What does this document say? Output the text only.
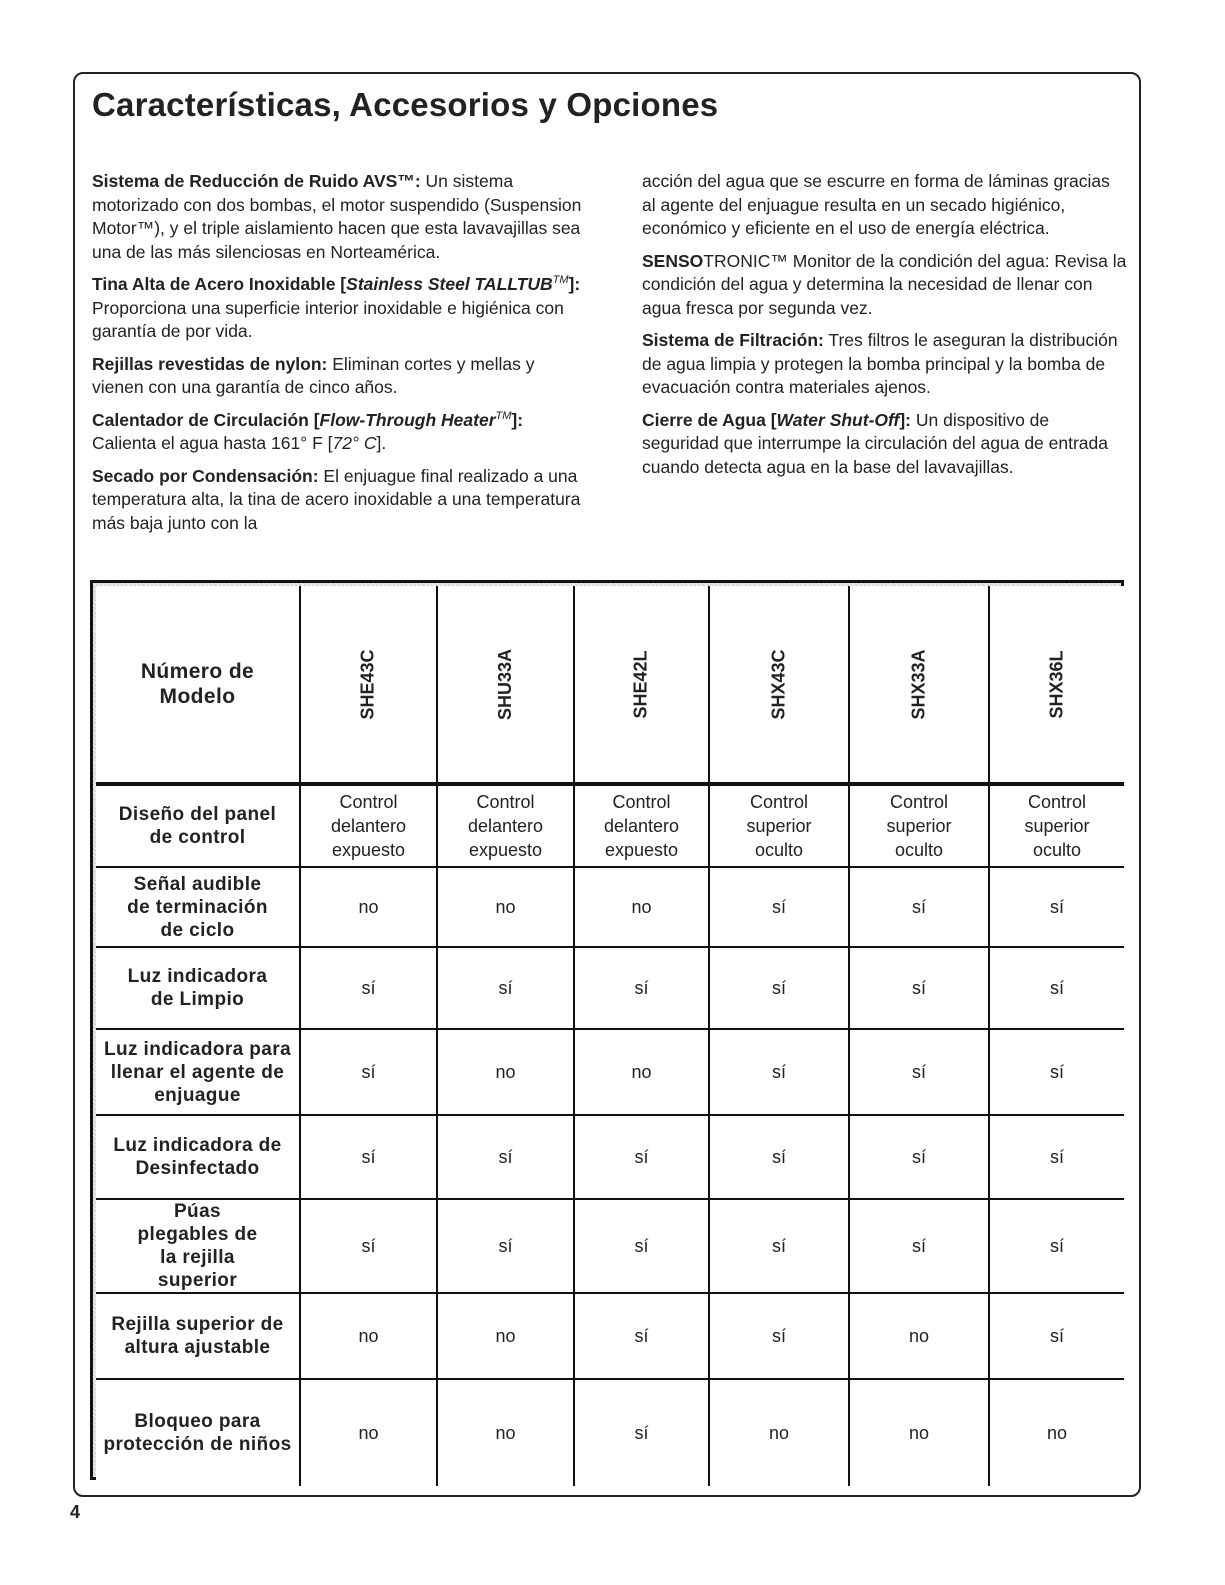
Características, Accesorios y Opciones

Sistema de Reducción de Ruido AVS™: Un sistema motorizado con dos bombas, el motor suspendido (Suspension Motor™), y el triple aislamiento hacen que esta lavavajillas sea una de las más silenciosas en Norteamérica.

Tina Alta de Acero Inoxidable [Stainless Steel TALLTUB™]: Proporciona una superficie interior inoxidable e higiénica con garantía de por vida.

Rejillas revestidas de nylon: Eliminan cortes y mellas y vienen con una garantía de cinco años.

Calentador de Circulación [Flow-Through Heater™]: Calienta el agua hasta 161° F [72° C].

Secado por Condensación: El enjuague final realizado a una temperatura alta, la tina de acero inoxidable a una temperatura más baja junto con la

acción del agua que se escurre en forma de láminas gracias al agente del enjuague resulta en un secado higiénico, económico y eficiente en el uso de energía eléctrica.

SENSOTRONIC™ Monitor de la condición del agua: Revisa la condición del agua y determina la necesidad de llenar con agua fresca por segunda vez.

Sistema de Filtración: Tres filtros le aseguran la distribución de agua limpia y protegen la bomba principal y la bomba de evacuación contra materiales ajenos.

Cierre de Agua [Water Shut-Off]: Un dispositivo de seguridad que interrumpe la circulación del agua de entrada cuando detecta agua en la base del lavavajillas.

Número de Modelo	SHE43C	SHU33A	SHE42L	SHX43C	SHX33A	SHX36L
Diseño del panel de control	Control delantero expuesto	Control delantero expuesto	Control delantero expuesto	Control superior oculto	Control superior oculto	Control superior oculto
Señal audible de terminación de ciclo	no	no	no	sí	sí	sí
Luz indicadora de Limpio	sí	sí	sí	sí	sí	sí
Luz indicadora para llenar el agente de enjuague	sí	no	no	sí	sí	sí
Luz indicadora de Desinfectado	sí	sí	sí	sí	sí	sí
Púas plegables de la rejilla superior	sí	sí	sí	sí	sí	sí
Rejilla superior de altura ajustable	no	no	sí	sí	no	sí
Bloqueo para protección de niños	no	no	sí	no	no	no
4
